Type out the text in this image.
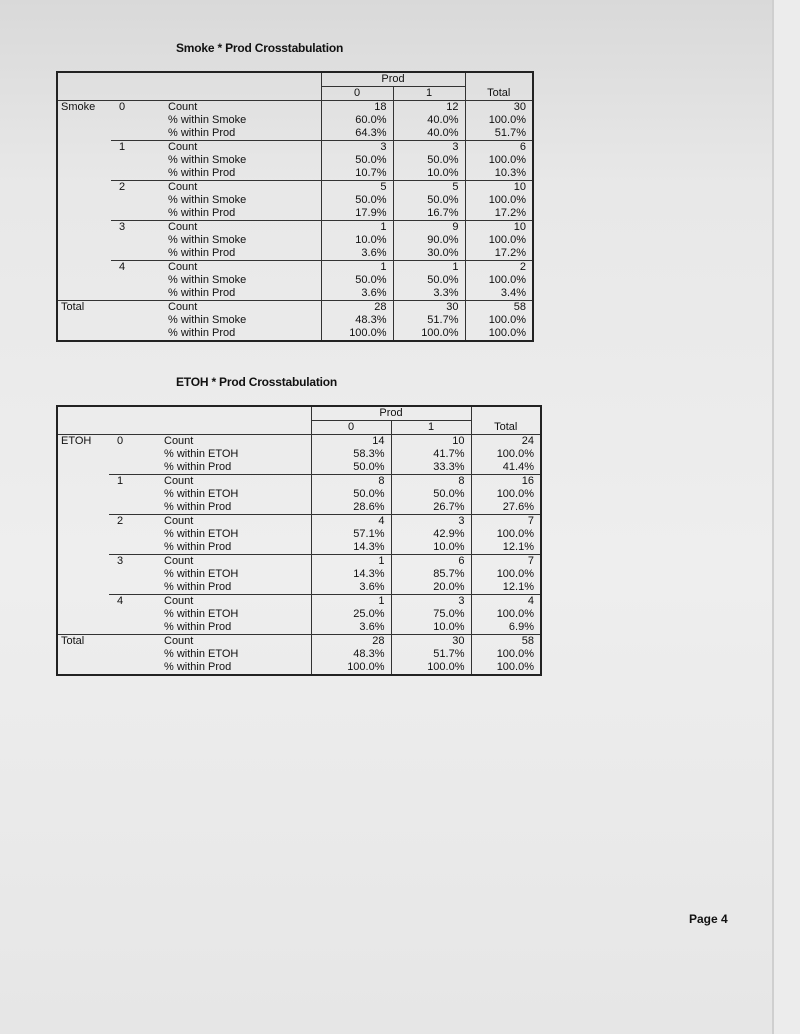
Smoke * Prod Crosstabulation
			Prod		Total
			0	1	
Smoke	0	Count	18	12	30
		% within Smoke	60.0%	40.0%	100.0%
		% within Prod	64.3%	40.0%	51.7%
	1	Count	3	3	6
		% within Smoke	50.0%	50.0%	100.0%
		% within Prod	10.7%	10.0%	10.3%
	2	Count	5	5	10
		% within Smoke	50.0%	50.0%	100.0%
		% within Prod	17.9%	16.7%	17.2%
	3	Count	1	9	10
		% within Smoke	10.0%	90.0%	100.0%
		% within Prod	3.6%	30.0%	17.2%
	4	Count	1	1	2
		% within Smoke	50.0%	50.0%	100.0%
		% within Prod	3.6%	3.3%	3.4%
Total		Count	28	30	58
		% within Smoke	48.3%	51.7%	100.0%
		% within Prod	100.0%	100.0%	100.0%
ETOH * Prod Crosstabulation
			Prod		Total
			0	1	
ETOH	0	Count	14	10	24
		% within ETOH	58.3%	41.7%	100.0%
		% within Prod	50.0%	33.3%	41.4%
	1	Count	8	8	16
		% within ETOH	50.0%	50.0%	100.0%
		% within Prod	28.6%	26.7%	27.6%
	2	Count	4	3	7
		% within ETOH	57.1%	42.9%	100.0%
		% within Prod	14.3%	10.0%	12.1%
	3	Count	1	6	7
		% within ETOH	14.3%	85.7%	100.0%
		% within Prod	3.6%	20.0%	12.1%
	4	Count	1	3	4
		% within ETOH	25.0%	75.0%	100.0%
		% within Prod	3.6%	10.0%	6.9%
Total		Count	28	30	58
		% within ETOH	48.3%	51.7%	100.0%
		% within Prod	100.0%	100.0%	100.0%
Page 4
